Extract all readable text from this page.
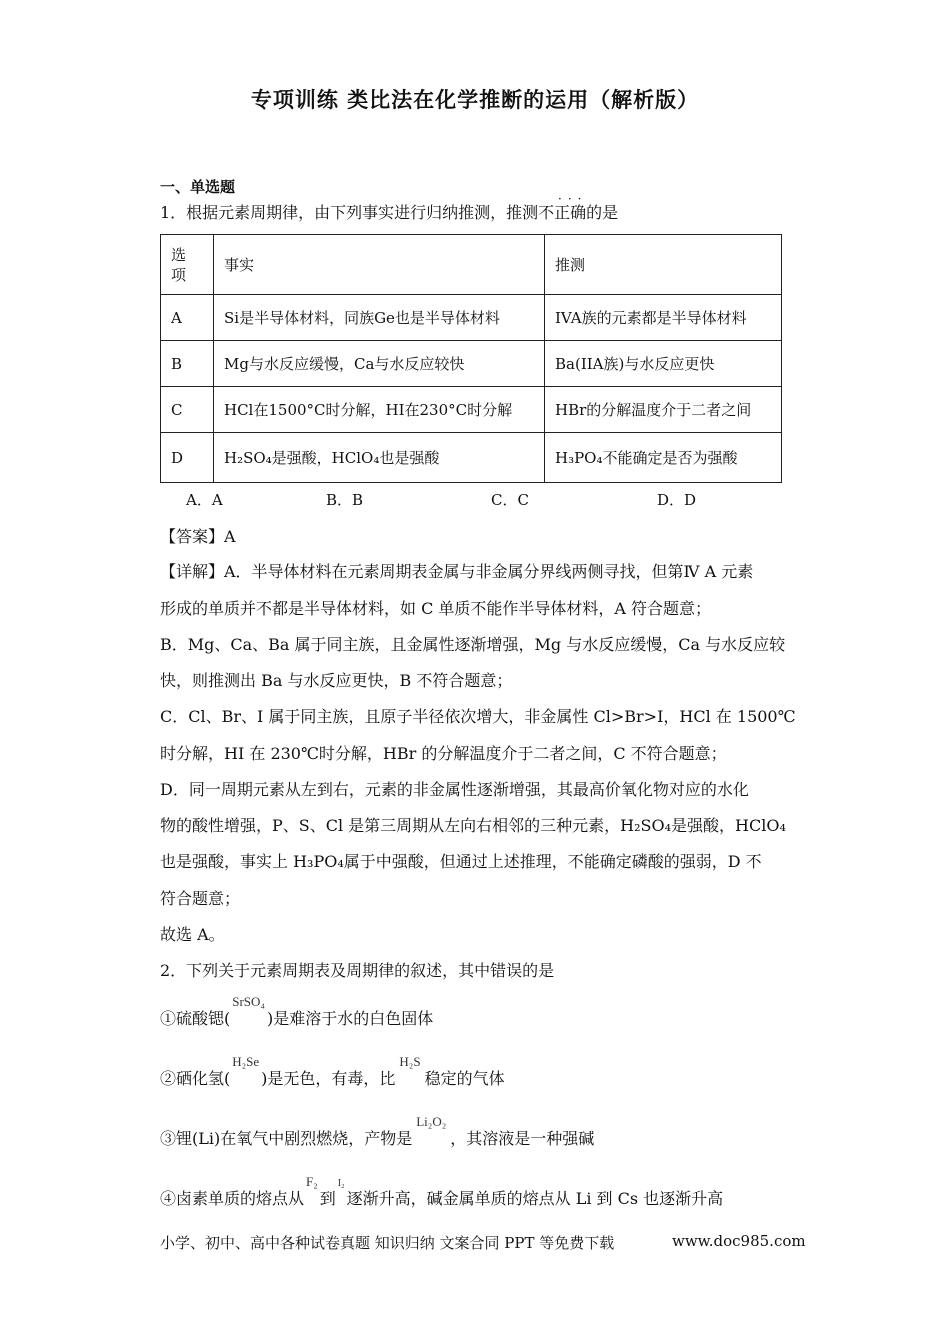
专项训练 类比法在化学推断的运用（解析版）
一、单选题
···
1．根据元素周期律，由下列事实进行归纳推测，推测不正确的是
选项	事实	推测
A	Si是半导体材料，同族Ge也是半导体材料	IVA族的元素都是半导体材料
B	Mg与水反应缓慢，Ca与水反应较快	Ba(IIA族)与水反应更快
C	HCl在1500°C时分解，HI在230°C时分解	HBr的分解温度介于二者之间
D	H₂SO₄是强酸，HClO₄也是强酸	H₃PO₄不能确定是否为强酸
A．A	B．B	C．C	D．D
【答案】A
【详解】A．半导体材料在元素周期表金属与非金属分界线两侧寻找，但第Ⅳ A 元素
形成的单质并不都是半导体材料，如 C 单质不能作半导体材料，A 符合题意；
B．Mg、Ca、Ba 属于同主族，且金属性逐渐增强，Mg 与水反应缓慢，Ca 与水反应较
快，则推测出 Ba 与水反应更快，B 不符合题意；
C．Cl、Br、I 属于同主族，且原子半径依次增大，非金属性 Cl>Br>I，HCl 在 1500℃
时分解，HI 在 230℃时分解，HBr 的分解温度介于二者之间，C 不符合题意；
D．同一周期元素从左到右，元素的非金属性逐渐增强，其最高价氧化物对应的水化
物的酸性增强，P、S、Cl 是第三周期从左向右相邻的三种元素，H₂SO₄是强酸，HClO₄
也是强酸，事实上 H₃PO₄属于中强酸，但通过上述推理，不能确定磷酸的强弱，D 不
符合题意；
故选 A。
2．下列关于元素周期表及周期律的叙述，其中错误的是
①硫酸锶($^{SrSO_4}$)是难溶于水的白色固体
②硒化氢($^{H_2Se}$)是无色，有毒，比$^{H_2S}$稳定的气体
③锂(Li)在氧气中剧烈燃烧，产物是$^{Li_2O_2}$，其溶液是一种强碱
④卤素单质的熔点从$^{F_2}$到$^{I_2}$逐渐升高，碱金属单质的熔点从 Li 到 Cs 也逐渐升高
小学、初中、高中各种试卷真题 知识归纳 文案合同 PPT 等免费下载	www.doc985.com
